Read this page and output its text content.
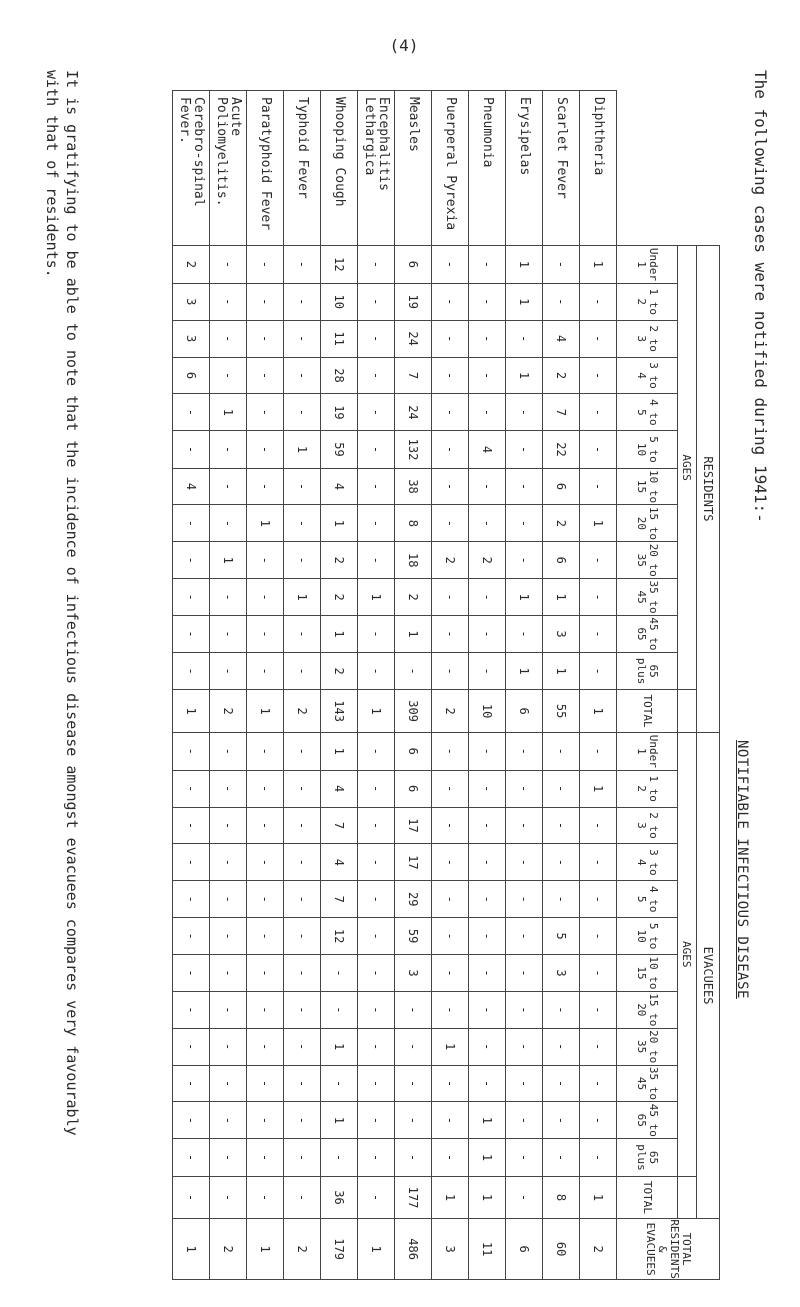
(4)
The following cases were notified during 1941:-
NOTIFIABLE INFECTIOUS DISEASE
	RESIDENTS													EVACUEES													TOTAL RESIDENTS & EVACUEES
	AGES													AGES													
	Under 1	1 to 2	2 to 3	3 to 4	4 to 5	5 to 10	10 to 15	15 to 20	20 to 35	35 to 45	45 to 65	65 plus	TOTAL	Under 1	1 to 2	2 to 3	3 to 4	4 to 5	5 to 10	10 to 15	15 to 20	20 to 35	35 to 45	45 to 65	65 plus	TOTAL	
Diphtheria	1	-	-	-	-	-	-	1	-	-	-	-	1	-	1	-	-	-	-	-	-	-	-	-	-	1	2
Scarlet Fever	-	-	4	2	7	22	6	2	6	1	3	1	55	-	-	-	-	-	5	3	-	-	-	-	-	8	60
Erysipelas	1	1	-	1	-	-	-	-	-	1	-	1	6	-	-	-	-	-	-	-	-	-	-	-	-	-	6
Pneumonia	-	-	-	-	-	4	-	-	2	-	-	-	10	-	-	-	-	-	-	-	-	-	-	1	1	1	11
Puerperal Pyrexia	-	-	-	-	-	-	-	-	2	-	-	-	2	-	-	-	-	-	-	-	-	1	-	-	-	1	3
Measles	6	19	24	7	24	132	38	8	18	2	1	-	309	6	6	17	17	29	59	3	-	-	-	-	-	177	486
Encephalitis Lethargica	-	-	-	-	-	-	-	-	-	1	-	-	1	-	-	-	-	-	-	-	-	-	-	-	-	-	1
Whooping Cough	12	10	11	28	19	59	4	1	2	2	1	2	143	1	4	7	4	7	12	-	-	1	-	1	-	36	179
Typhoid Fever	-	-	-	-	-	1	-	-	-	1	-	-	2	-	-	-	-	-	-	-	-	-	-	-	-	-	2
Paratyphoid Fever	-	-	-	-	-	-	-	1	-	-	-	-	1	-	-	-	-	-	-	-	-	-	-	-	-	-	1
Acute Poliomyelitis.	-	-	-	-	1	-	-	-	1	-	-	-	2	-	-	-	-	-	-	-	-	-	-	-	-	-	2
Cerebro-spinal Fever.	2	3	3	6	-	-	4	-	-	-	-	-	1	-	-	-	-	-	-	-	-	-	-	-	-	-	1
It is gratifying to be able to note that the incidence of infectious disease amongst evacuees compares very favourably
with that of residents.
